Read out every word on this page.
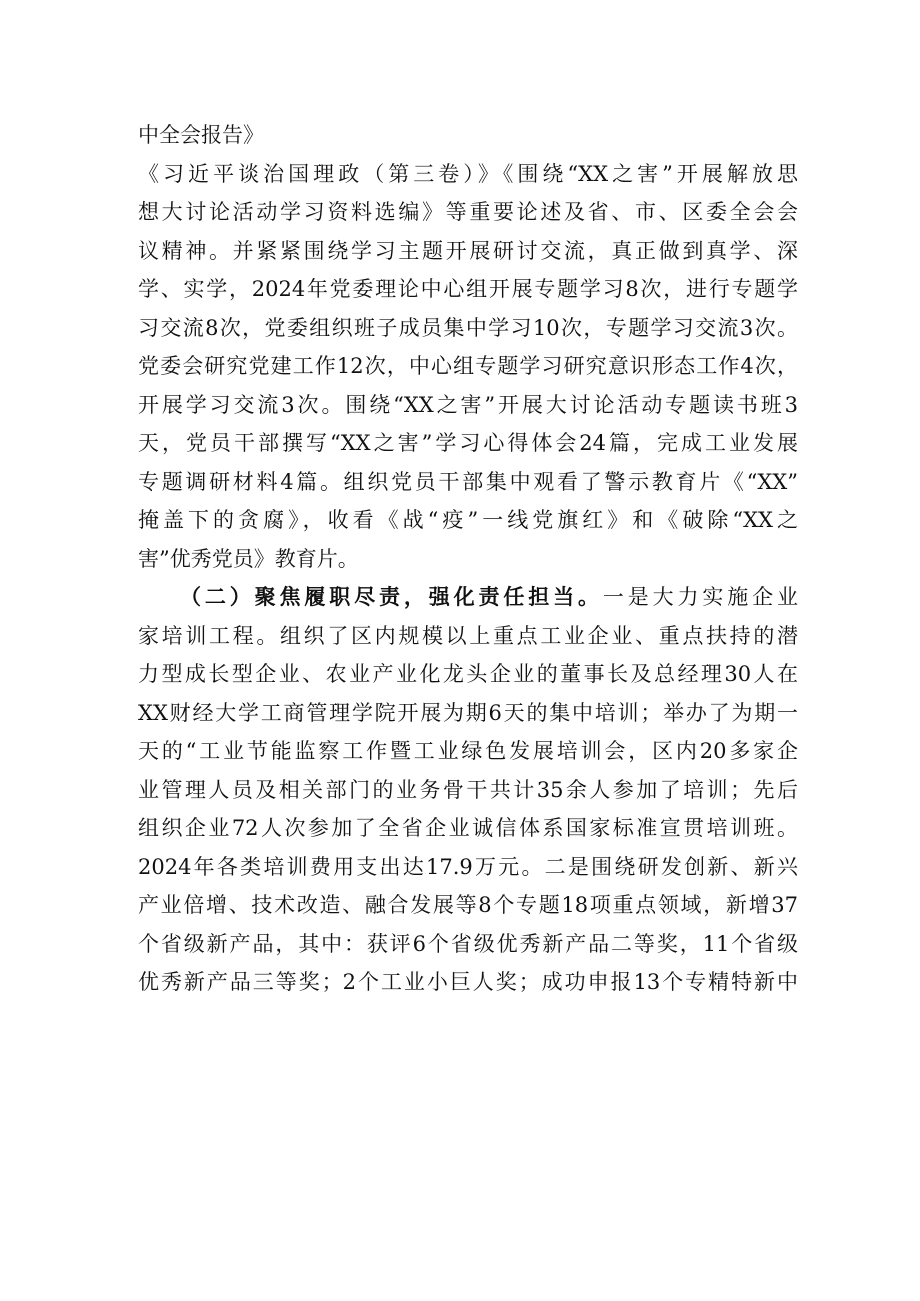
中全会报告》
《习近平谈治国理政（第三卷）》《围绕“XX之害”开展解放思
想大讨论活动学习资料选编》等重要论述及省、市、区委全会会
议精神。并紧紧围绕学习主题开展研讨交流，真正做到真学、深
学、实学，2024年党委理论中心组开展专题学习8次，进行专题学
习交流8次，党委组织班子成员集中学习10次，专题学习交流3次。
党委会研究党建工作12次，中心组专题学习研究意识形态工作4次，
开展学习交流3次。围绕“XX之害”开展大讨论活动专题读书班3
天，党员干部撰写“XX之害”学习心得体会24篇，完成工业发展
专题调研材料4篇。组织党员干部集中观看了警示教育片《“XX”
掩盖下的贪腐》，收看《战“疫”一线党旗红》和《破除“XX之
害”优秀党员》教育片。
（二）聚焦履职尽责，强化责任担当。一是大力实施企业
家培训工程。组织了区内规模以上重点工业企业、重点扶持的潜
力型成长型企业、农业产业化龙头企业的董事长及总经理30人在
XX财经大学工商管理学院开展为期6天的集中培训；举办了为期一
天的“工业节能监察工作暨工业绿色发展培训会，区内20多家企
业管理人员及相关部门的业务骨干共计35余人参加了培训；先后
组织企业72人次参加了全省企业诚信体系国家标准宣贯培训班。
2024年各类培训费用支出达17.9万元。二是围绕研发创新、新兴
产业倍增、技术改造、融合发展等8个专题18项重点领域，新增37
个省级新产品，其中：获评6个省级优秀新产品二等奖，11个省级
优秀新产品三等奖；2个工业小巨人奖；成功申报13个专精特新中
